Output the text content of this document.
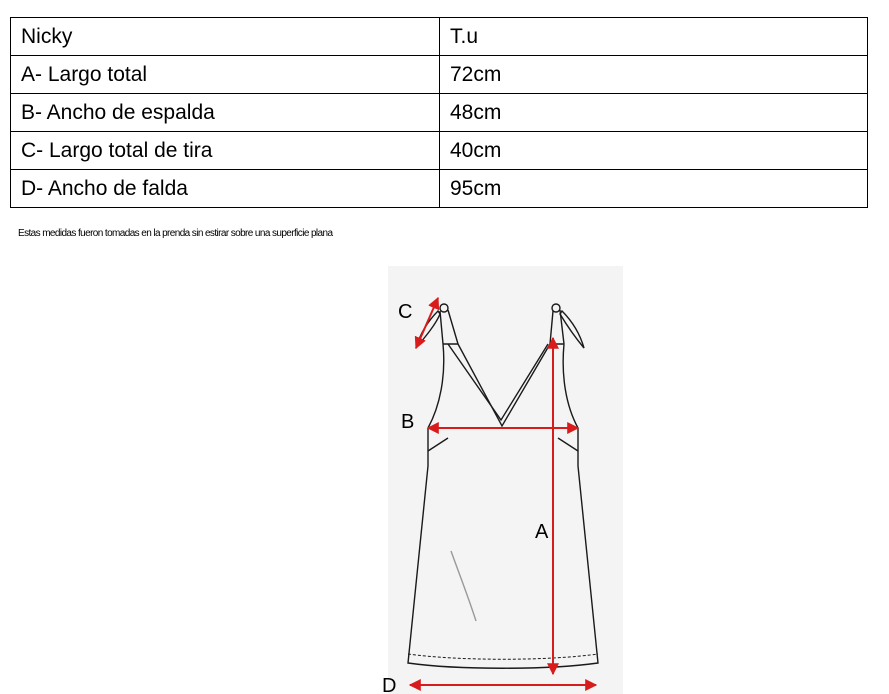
Nicky	T.u
A- Largo total	72cm
B- Ancho de espalda	48cm
C- Largo total de tira	40cm
D- Ancho de falda	95cm
Estas medidas fueron tomadas en la prenda sin estirar sobre una superficie plana
C
B
A
D
